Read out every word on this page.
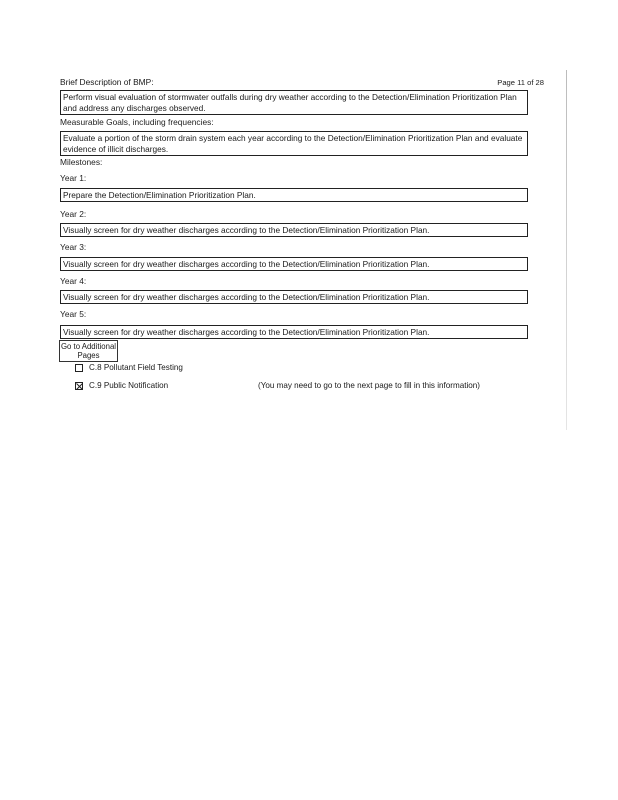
Brief Description of BMP:	Page 11 of 28
Perform visual evaluation of stormwater outfalls during dry weather according to the Detection/Elimination Prioritization Plan and address any discharges observed.
Measurable Goals, including frequencies:
Evaluate a portion of the storm drain system each year according to the Detection/Elimination Prioritization Plan and evaluate evidence of illicit discharges.
Milestones:
Year 1:
Prepare the Detection/Elimination Prioritization Plan.
Year 2:
Visually screen for dry weather discharges according to the Detection/Elimination Prioritization Plan.
Year 3:
Visually screen for dry weather discharges according to the Detection/Elimination Prioritization Plan.
Year 4:
Visually screen for dry weather discharges according to the Detection/Elimination Prioritization Plan.
Year 5:
Visually screen for dry weather discharges according to the Detection/Elimination Prioritization Plan.
Go to Additional
Pages
C.8 Pollutant Field Testing
C.9 Public Notification	(You may need to go to the next page to fill in this information)
